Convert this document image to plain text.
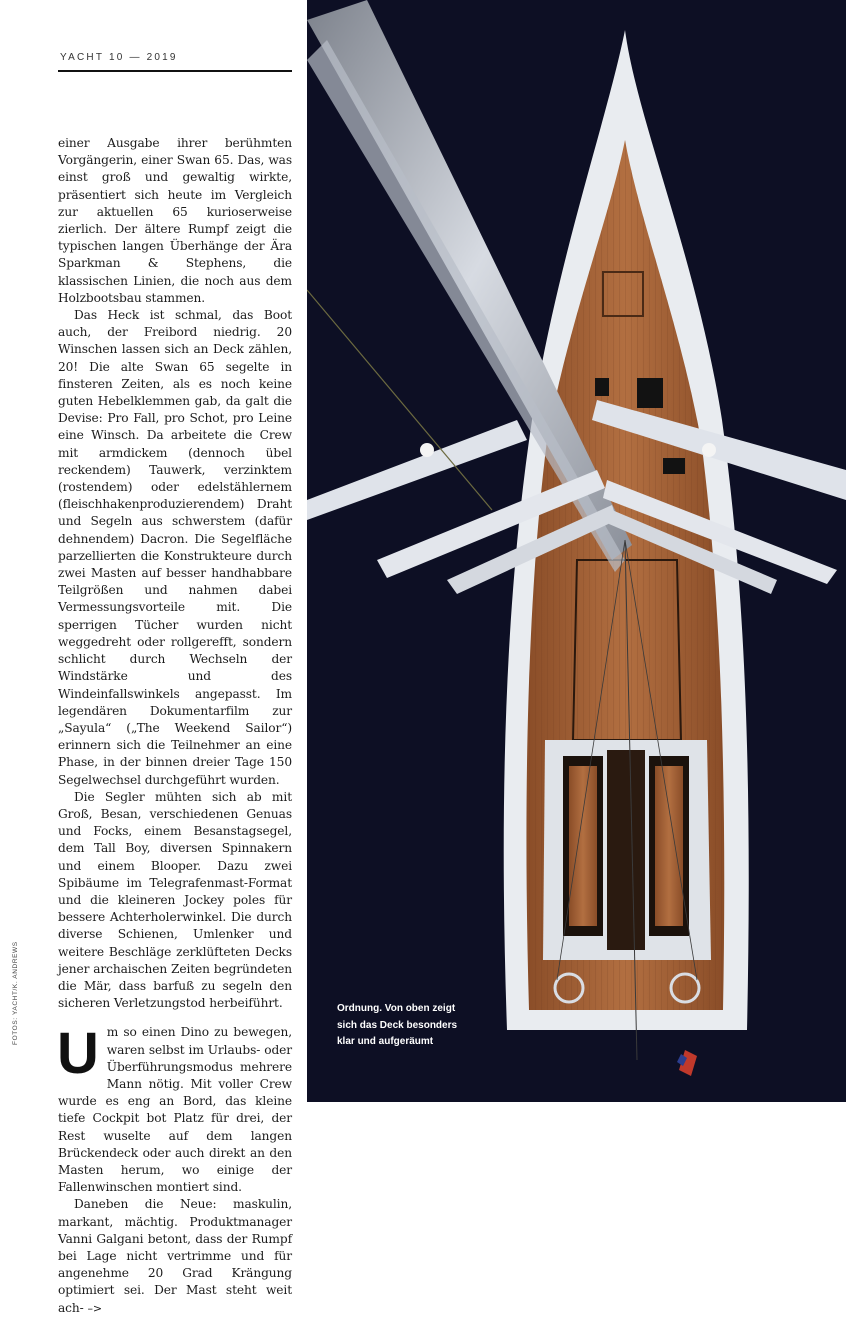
YACHT 10 — 2019
FOTOS: YACHT/K. ANDREWS

einer Ausgabe ihrer berühmten Vorgängerin, einer Swan 65. Das, was einst groß und gewaltig wirkte, präsentiert sich heute im Vergleich zur aktuellen 65 kurioserweise zierlich. Der ältere Rumpf zeigt die typischen langen Überhänge der Ära Sparkman & Stephens, die klassischen Linien, die noch aus dem Holzbootsbau stammen.

Das Heck ist schmal, das Boot auch, der Freibord niedrig. 20 Winschen lassen sich an Deck zählen, 20! Die alte Swan 65 segelte in finsteren Zeiten, als es noch keine guten Hebelklemmen gab, da galt die Devise: Pro Fall, pro Schot, pro Leine eine Winsch. Da arbeitete die Crew mit armdickem (dennoch übel reckendem) Tauwerk, verzinktem (rostendem) oder edelstählernem (fleischhakenproduzierendem) Draht und Segeln aus schwerstem (dafür dehnendem) Dacron. Die Segelfläche parzellierten die Konstrukteure durch zwei Masten auf besser handhabbare Teilgrößen und nahmen dabei Vermessungsvorteile mit. Die sperrigen Tücher wurden nicht weggedreht oder rollgerefft, sondern schlicht durch Wechseln der Windstärke und des Windeinfallswinkels angepasst. Im legendären Dokumentarfilm zur „Sayula“ („The Weekend Sailor“) erinnern sich die Teilnehmer an eine Phase, in der binnen dreier Tage 150 Segelwechsel durchgeführt wurden.

Die Segler mühten sich ab mit Groß, Besan, verschiedenen Genuas und Focks, einem Besanstagsegel, dem Tall Boy, diversen Spinnakern und einem Blooper. Dazu zwei Spibäume im Telegrafenmast-Format und die kleineren Jockey poles für bessere Achterholerwinkel. Die durch diverse Schienen, Umlenker und weitere Beschläge zerklüfteten Decks jener archaischen Zeiten begründeten die Mär, dass barfuß zu segeln den sicheren Verletzungstod herbeiführt.

U m so einen Dino zu bewegen, waren selbst im Urlaubs- oder Überführungsmodus mehrere Mann nötig. Mit voller Crew wurde es eng an Bord, das kleine tiefe Cockpit bot Platz für drei, der Rest wuselte auf dem langen Brückendeck oder auch direkt an den Masten herum, wo einige der Fallenwinschen montiert sind.

Daneben die Neue: maskulin, markant, mächtig. Produktmanager Vanni Galgani betont, dass der Rumpf bei Lage nicht vertrimme und für angenehme 20 Grad Krängung optimiert sei. Der Mast steht weit ach- –>

Ordnung. Von oben zeigt sich das Deck besonders klar und aufgeräumt
